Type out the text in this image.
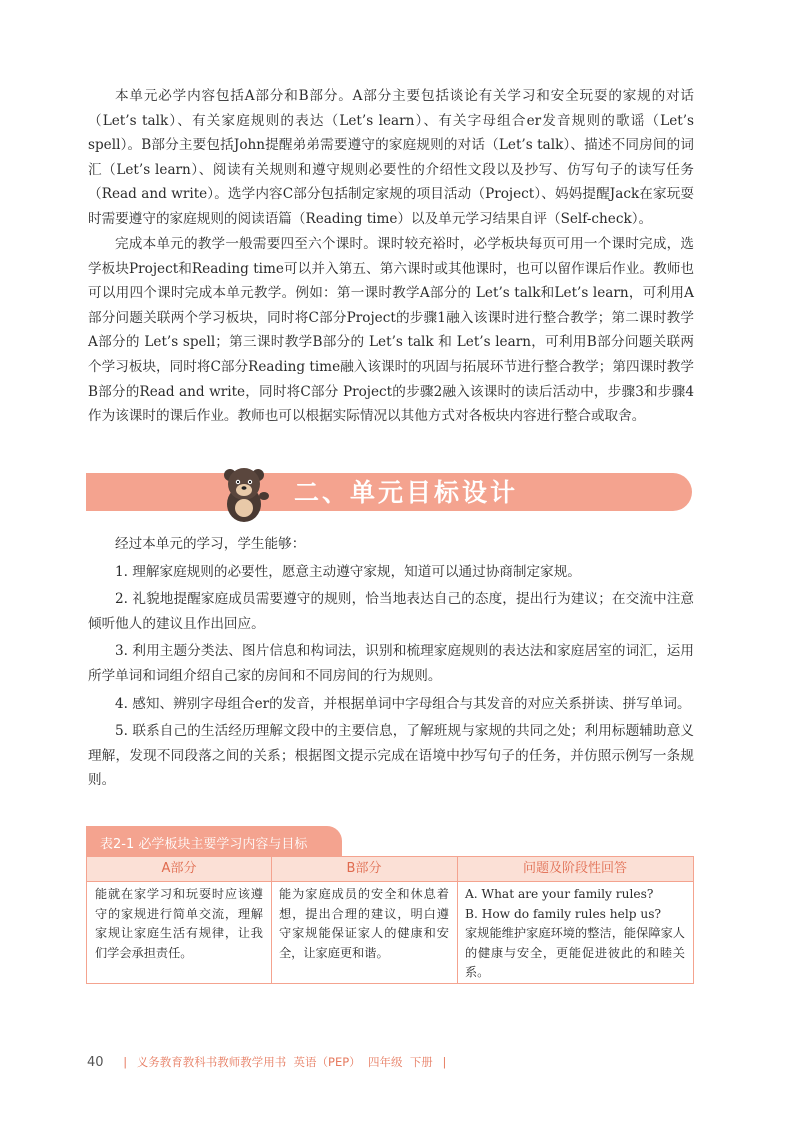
本单元必学内容包括A部分和B部分。A部分主要包括谈论有关学习和安全玩耍的家规的对话（Let’s talk）、有关家庭规则的表达（Let’s learn）、有关字母组合er发音规则的歌谣（Let’s spell）。B部分主要包括John提醒弟弟需要遵守的家庭规则的对话（Let’s talk）、描述不同房间的词汇（Let’s learn）、阅读有关规则和遵守规则必要性的介绍性文段以及抄写、仿写句子的读写任务（Read and write）。选学内容C部分包括制定家规的项目活动（Project）、妈妈提醒Jack在家玩耍时需要遵守的家庭规则的阅读语篇（Reading time）以及单元学习结果自评（Self-check）。

完成本单元的教学一般需要四至六个课时。课时较充裕时，必学板块每页可用一个课时完成，选学板块Project和Reading time可以并入第五、第六课时或其他课时，也可以留作课后作业。教师也可以用四个课时完成本单元教学。例如：第一课时教学A部分的 Let’s talk和Let’s learn，可利用A部分问题关联两个学习板块，同时将C部分Project的步骤1融入该课时进行整合教学；第二课时教学A部分的 Let’s spell；第三课时教学B部分的 Let’s talk 和 Let’s learn，可利用B部分问题关联两个学习板块，同时将C部分Reading time融入该课时的巩固与拓展环节进行整合教学；第四课时教学B部分的Read and write，同时将C部分 Project的步骤2融入该课时的读后活动中，步骤3和步骤4作为该课时的课后作业。教师也可以根据实际情况以其他方式对各板块内容进行整合或取舍。

二、单元目标设计

经过本单元的学习，学生能够：

1. 理解家庭规则的必要性，愿意主动遵守家规，知道可以通过协商制定家规。

2. 礼貌地提醒家庭成员需要遵守的规则，恰当地表达自己的态度，提出行为建议；在交流中注意倾听他人的建议且作出回应。

3. 利用主题分类法、图片信息和构词法，识别和梳理家庭规则的表达法和家庭居室的词汇，运用所学单词和词组介绍自己家的房间和不同房间的行为规则。

4. 感知、辨别字母组合er的发音，并根据单词中字母组合与其发音的对应关系拼读、拼写单词。

5. 联系自己的生活经历理解文段中的主要信息，了解班规与家规的共同之处；利用标题辅助意义理解，发现不同段落之间的关系；根据图文提示完成在语境中抄写句子的任务，并仿照示例写一条规则。

表2-1 必学板块主要学习内容与目标

A部分	B部分	问题及阶段性回答

能就在家学习和玩耍时应该遵守的家规进行简单交流，理解家规让家庭生活有规律，让我们学会承担责任。

能为家庭成员的安全和休息着想，提出合理的建议，明白遵守家规能保证家人的健康和安全，让家庭更和谐。

A. What are your family rules?

B. How do family rules help us?

家规能维护家庭环境的整洁，能保障家人的健康与安全，更能促进彼此的和睦关系。

40 | 义务教育教科书教师教学用书 英语（PEP） 四年级 下册 |
